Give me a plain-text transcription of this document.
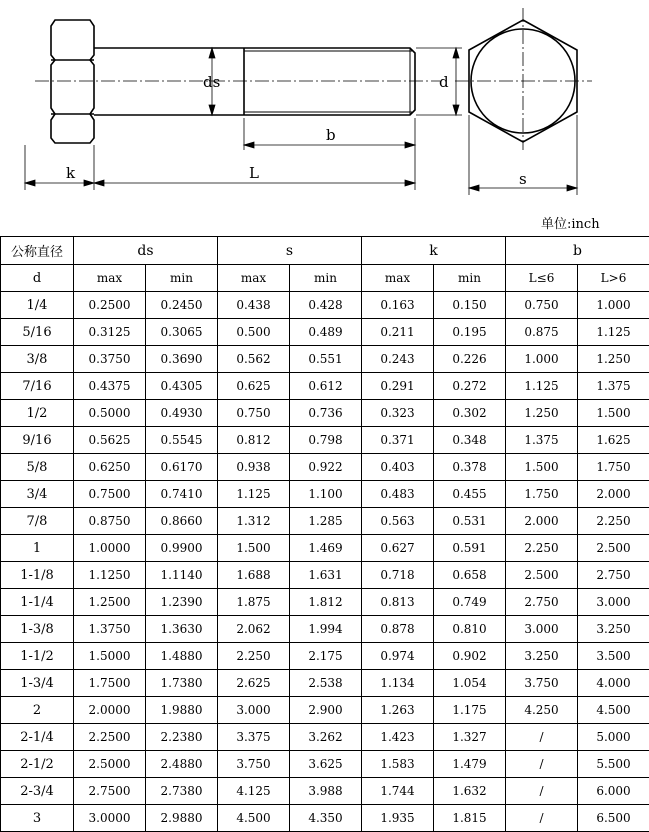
ds	d
b
L
k	s
单位:inch
公称直径	ds		s		k		b	
d	max	min	max	min	max	min	L≤6	L>6
1/4	0.2500	0.2450	0.438	0.428	0.163	0.150	0.750	1.000
5/16	0.3125	0.3065	0.500	0.489	0.211	0.195	0.875	1.125
3/8	0.3750	0.3690	0.562	0.551	0.243	0.226	1.000	1.250
7/16	0.4375	0.4305	0.625	0.612	0.291	0.272	1.125	1.375
1/2	0.5000	0.4930	0.750	0.736	0.323	0.302	1.250	1.500
9/16	0.5625	0.5545	0.812	0.798	0.371	0.348	1.375	1.625
5/8	0.6250	0.6170	0.938	0.922	0.403	0.378	1.500	1.750
3/4	0.7500	0.7410	1.125	1.100	0.483	0.455	1.750	2.000
7/8	0.8750	0.8660	1.312	1.285	0.563	0.531	2.000	2.250
1	1.0000	0.9900	1.500	1.469	0.627	0.591	2.250	2.500
1-1/8	1.1250	1.1140	1.688	1.631	0.718	0.658	2.500	2.750
1-1/4	1.2500	1.2390	1.875	1.812	0.813	0.749	2.750	3.000
1-3/8	1.3750	1.3630	2.062	1.994	0.878	0.810	3.000	3.250
1-1/2	1.5000	1.4880	2.250	2.175	0.974	0.902	3.250	3.500
1-3/4	1.7500	1.7380	2.625	2.538	1.134	1.054	3.750	4.000
2	2.0000	1.9880	3.000	2.900	1.263	1.175	4.250	4.500
2-1/4	2.2500	2.2380	3.375	3.262	1.423	1.327	/	5.000
2-1/2	2.5000	2.4880	3.750	3.625	1.583	1.479	/	5.500
2-3/4	2.7500	2.7380	4.125	3.988	1.744	1.632	/	6.000
3	3.0000	2.9880	4.500	4.350	1.935	1.815	/	6.500
